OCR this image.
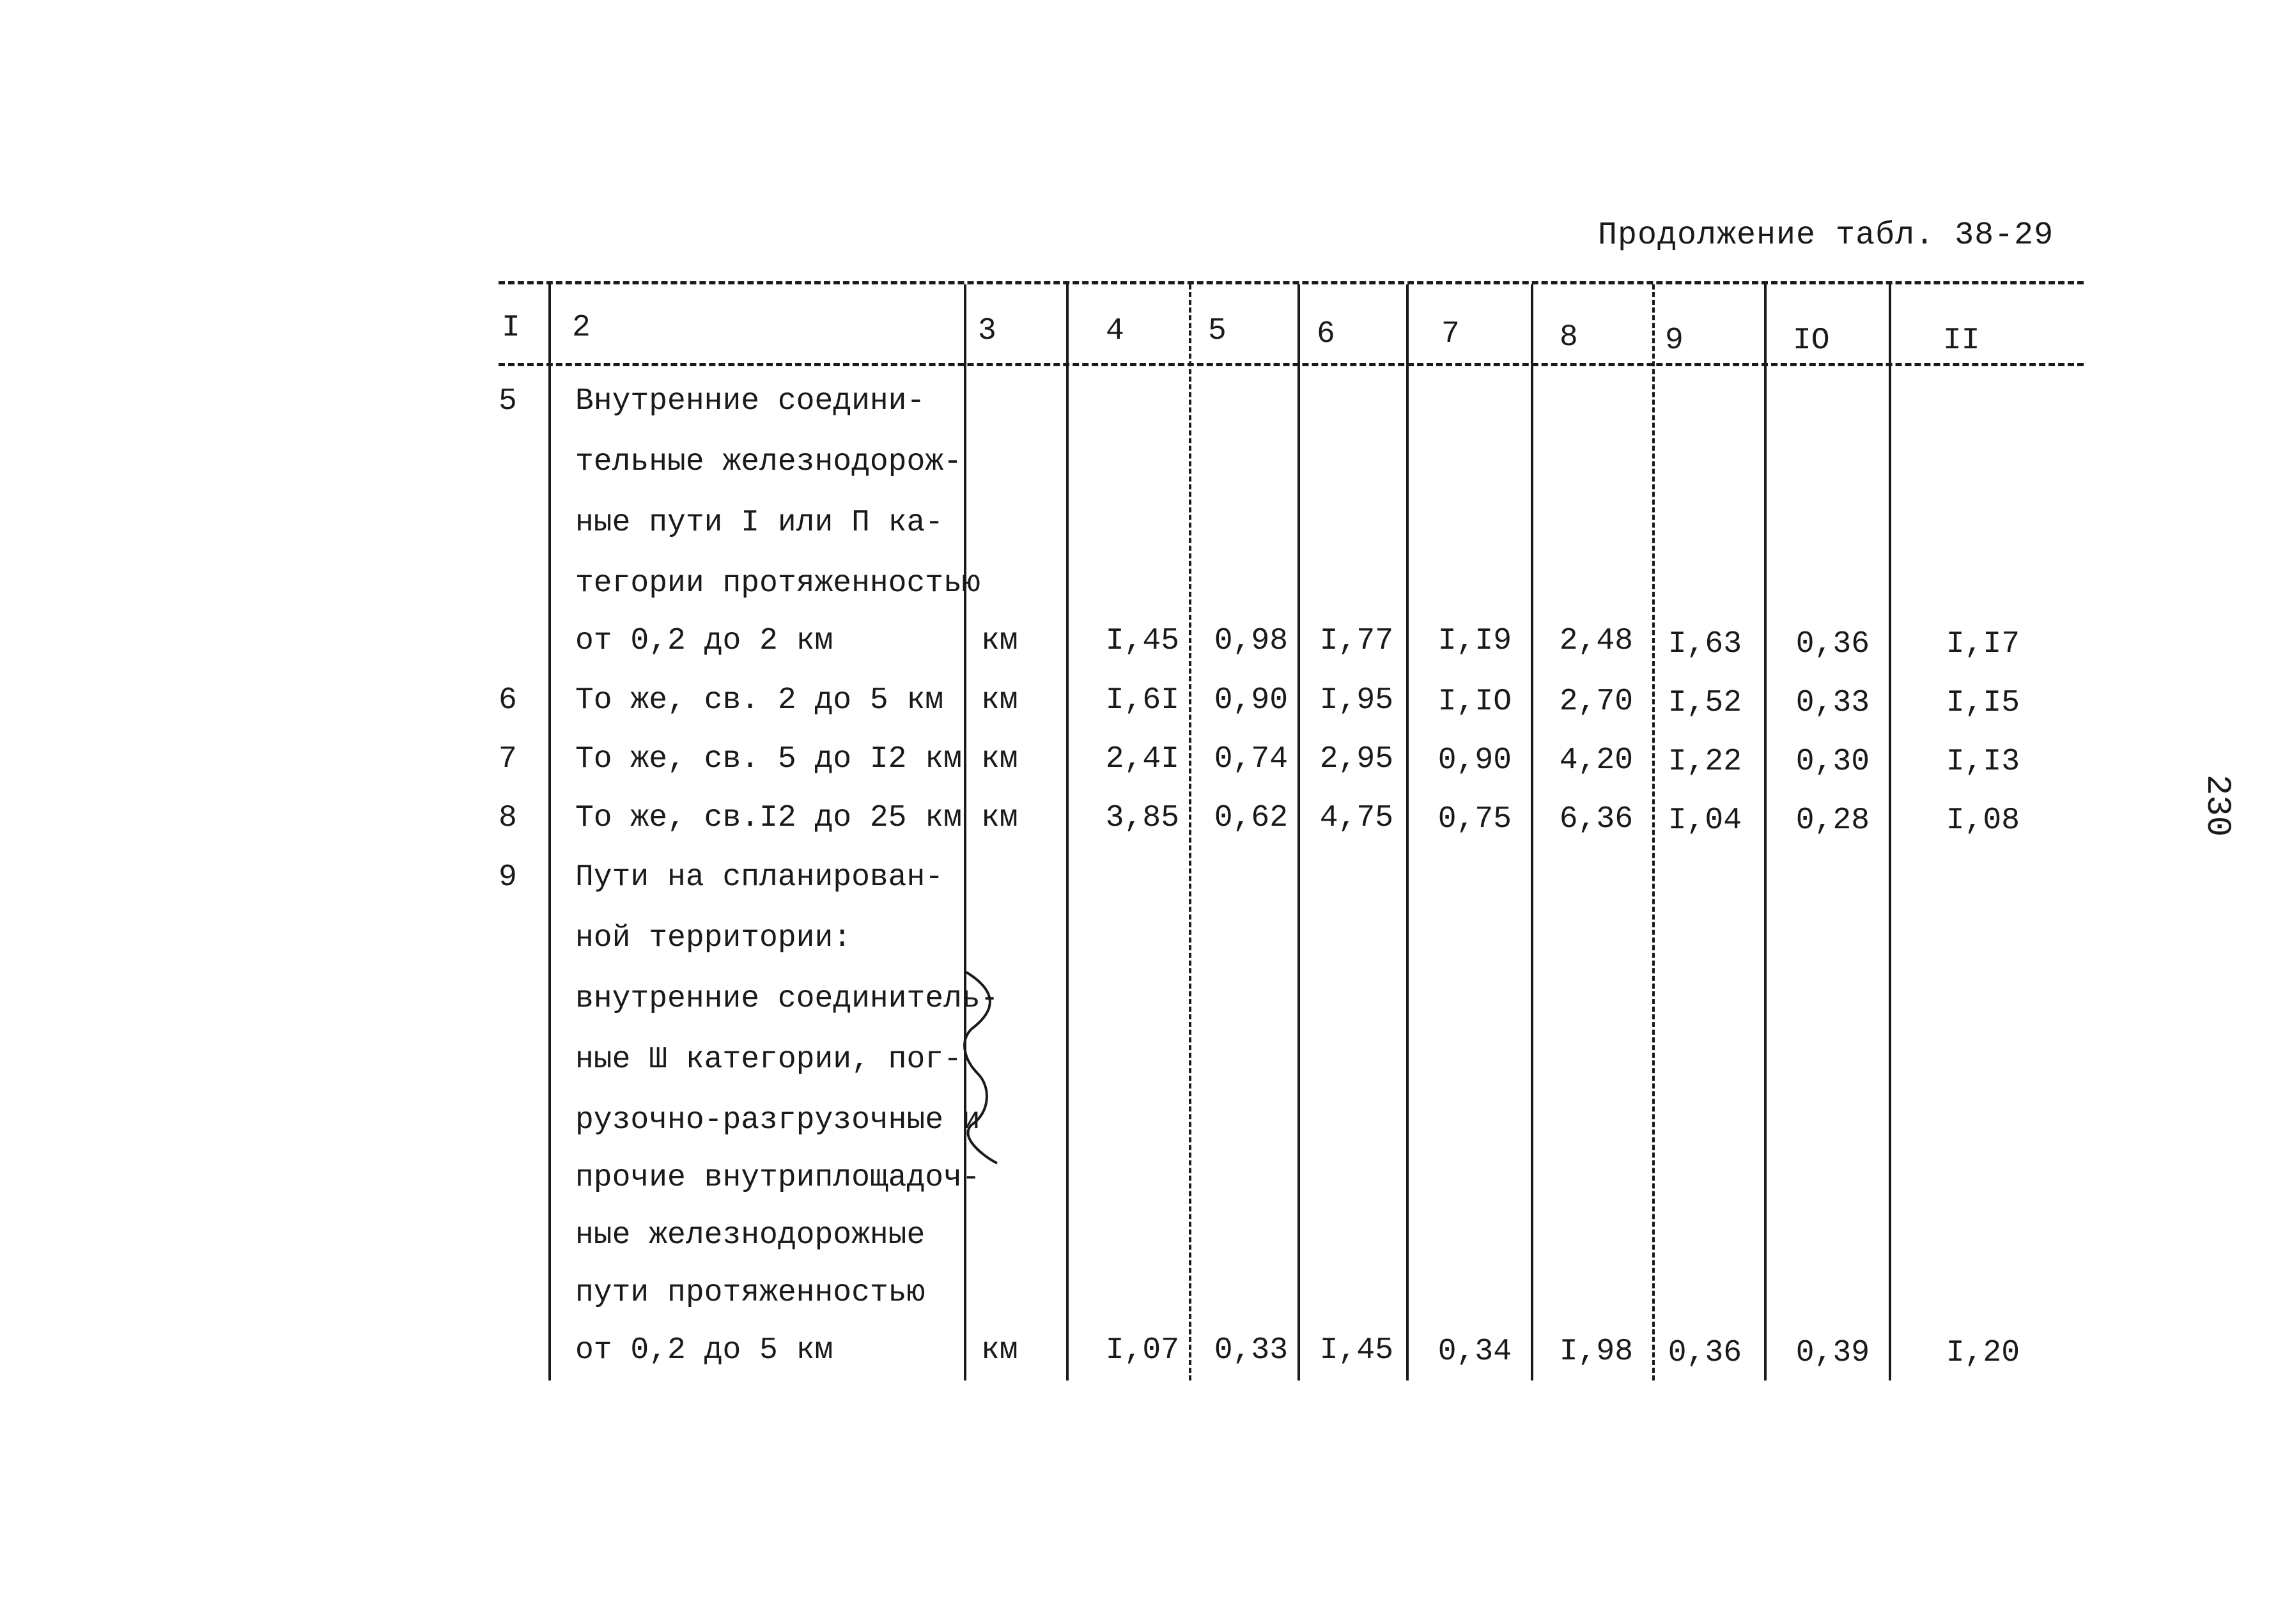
Продолжение табл. 38-29
230
I 2	3	4	5	6	7	8	9	IO	II
5 Внутренние соедини-
тельные железнодорож-
ные пути I или П ка-
тегории протяженностью
от 0,2 до 2 км	км	I,45	0,98	I,77	I,I9	2,48	I,63	0,36	I,I7
6 То же, св. 2 до 5 км км	I,6I	0,90	I,95	I,IO	2,70	I,52	0,33	I,I5
7 То же, св. 5 до I2 км км	2,4I	0,74	2,95	0,90	4,20	I,22	0,30	I,I3
8 То же, св.I2 до 25 км км	3,85	0,62	4,75	0,75	6,36	I,04	0,28	I,08
9 Пути на спланирован-
ной территории:
внутренние соединитель-
ные Ш категории, пог-
рузочно-разгрузочные и
прочие внутриплощадоч-
ные железнодорожные
пути протяженностью
от 0,2 до 5 км	км	I,07	0,33	I,45	0,34	I,98	0,36	0,39	I,20
